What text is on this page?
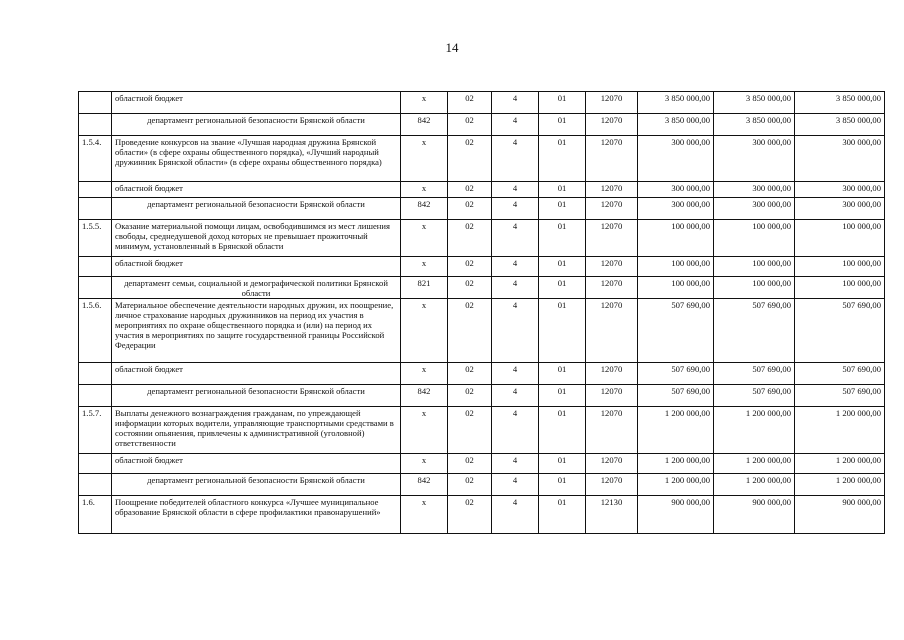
14
	областной бюджет	x	02	4	01	12070	3 850 000,00	3 850 000,00	3 850 000,00
	департамент региональной безопасности Брянской области	842	02	4	01	12070	3 850 000,00	3 850 000,00	3 850 000,00
1.5.4.	Проведение конкурсов на звание «Лучшая народная дружина Брянской области» (в сфере охраны общественного порядка), «Лучший народный дружинник Брянской области» (в сфере охраны общественного порядка)	x	02	4	01	12070	300 000,00	300 000,00	300 000,00
	областной бюджет	x	02	4	01	12070	300 000,00	300 000,00	300 000,00
	департамент региональной безопасности Брянской области	842	02	4	01	12070	300 000,00	300 000,00	300 000,00
1.5.5.	Оказание материальной помощи лицам, освободившимся из мест лишения свободы, среднедушевой доход которых не превышает прожиточный минимум, установленный в Брянской области	x	02	4	01	12070	100 000,00	100 000,00	100 000,00
	областной бюджет	x	02	4	01	12070	100 000,00	100 000,00	100 000,00
	департамент семьи, социальной и демографической политики Брянской области	821	02	4	01	12070	100 000,00	100 000,00	100 000,00
1.5.6.	Материальное обеспечение деятельности народных дружин, их поощрение, личное страхование народных дружинников на период их участия в мероприятиях по охране общественного порядка и (или) на период их участия в мероприятиях по защите государственной границы Российской Федерации	x	02	4	01	12070	507 690,00	507 690,00	507 690,00
	областной бюджет	x	02	4	01	12070	507 690,00	507 690,00	507 690,00
	департамент региональной безопасности Брянской области	842	02	4	01	12070	507 690,00	507 690,00	507 690,00
1.5.7.	Выплаты денежного вознаграждения гражданам, по упреждающей информации которых водители, управляющие транспортными средствами в состоянии опьянения, привлечены к административной (уголовной) ответственности	x	02	4	01	12070	1 200 000,00	1 200 000,00	1 200 000,00
	областной бюджет	x	02	4	01	12070	1 200 000,00	1 200 000,00	1 200 000,00
	департамент региональной безопасности Брянской области	842	02	4	01	12070	1 200 000,00	1 200 000,00	1 200 000,00
1.6.	Поощрение победителей областного конкурса «Лучшее муниципальное образование Брянской области в сфере профилактики правонарушений»	x	02	4	01	12130	900 000,00	900 000,00	900 000,00
